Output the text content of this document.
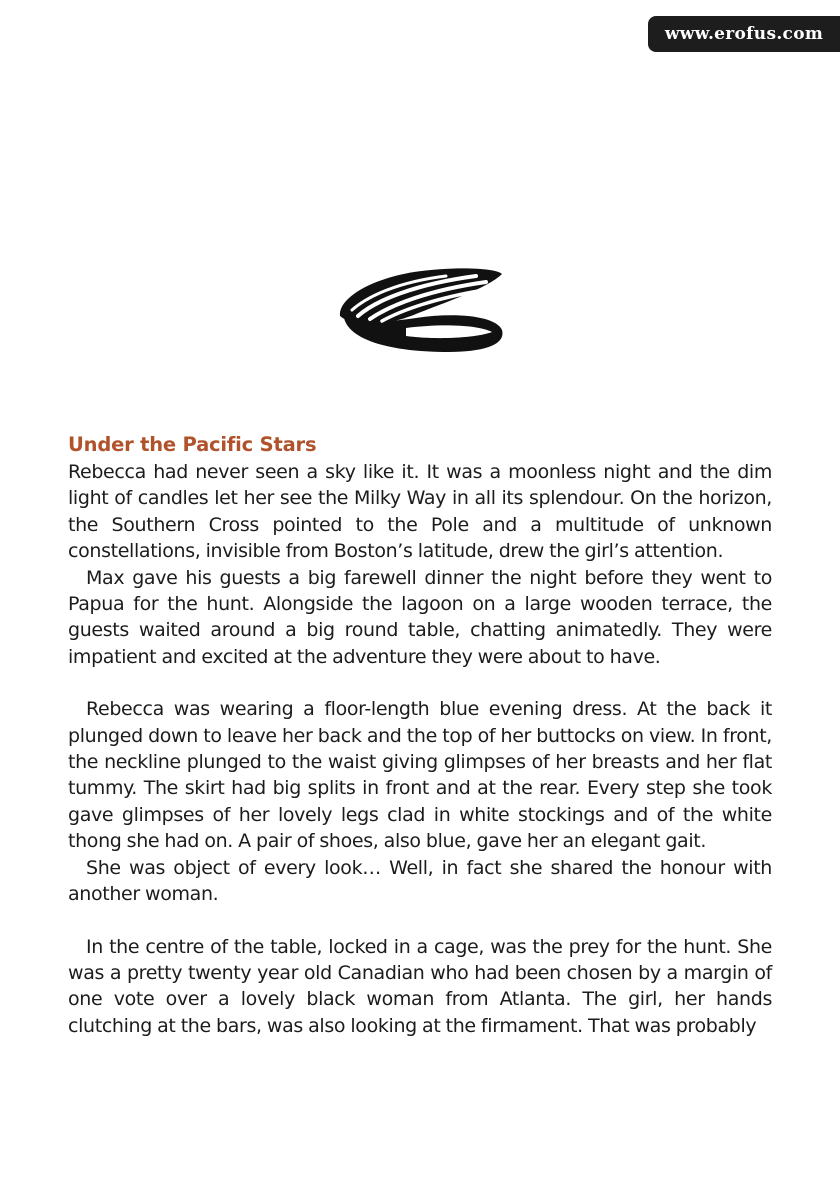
www.erofus.com
Under the Pacific Stars

Rebecca had never seen a sky like it. It was a moonless night and the dim light of candles let her see the Milky Way in all its splendour. On the horizon, the Southern Cross pointed to the Pole and a multitude of unknown constellations, invisible from Boston’s latitude, drew the girl’s attention.

Max gave his guests a big farewell dinner the night before they went to Papua for the hunt. Alongside the lagoon on a large wooden terrace, the guests waited around a big round table, chatting animatedly. They were impatient and excited at the adventure they were about to have.

Rebecca was wearing a floor-length blue evening dress. At the back it plunged down to leave her back and the top of her buttocks on view. In front, the neckline plunged to the waist giving glimpses of her breasts and her flat tummy. The skirt had big splits in front and at the rear. Every step she took gave glimpses of her lovely legs clad in white stockings and of the white thong she had on. A pair of shoes, also blue, gave her an elegant gait.

She was object of every look… Well, in fact she shared the honour with another woman.

In the centre of the table, locked in a cage, was the prey for the hunt. She was a pretty twenty year old Canadian who had been chosen by a margin of one vote over a lovely black woman from Atlanta. The girl, her hands clutching at the bars, was also looking at the firmament. That was probably
